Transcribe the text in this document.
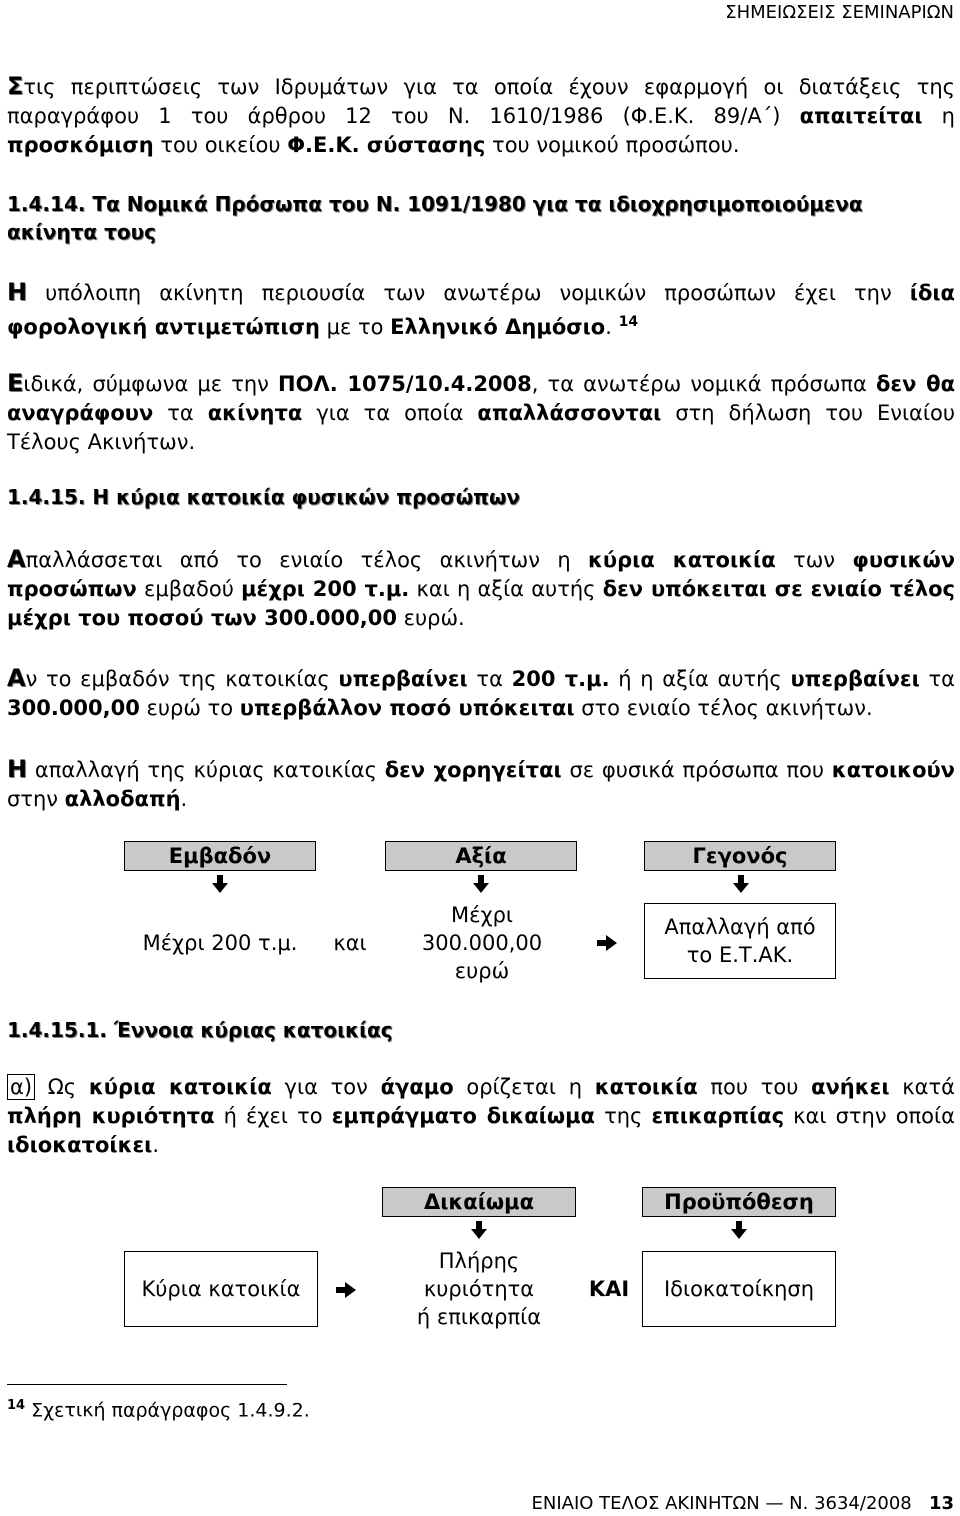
ΣΗΜΕΙΩΣΕΙΣ ΣΕΜΙΝΑΡΙΩΝ

Στις περιπτώσεις των Ιδρυμάτων για τα οποία έχουν εφαρμογή οι διατάξεις της παραγράφου 1 του άρθρου 12 του Ν. 1610/1986 (Φ.Ε.Κ. 89/Α΄) απαιτείται η προσκόμιση του οικείου Φ.Ε.Κ. σύστασης του νομικού προσώπου.

1.4.14. Τα Νομικά Πρόσωπα του Ν. 1091/1980 για τα ιδιοχρησιμοποιούμενα ακίνητα τους

Η υπόλοιπη ακίνητη περιουσία των ανωτέρω νομικών προσώπων έχει την ίδια φορολογική αντιμετώπιση με το Ελληνικό Δημόσιο. $^{14}$

Ειδικά, σύμφωνα με την ΠΟΛ. 1075/10.4.2008, τα ανωτέρω νομικά πρόσωπα δεν θα αναγράφουν τα ακίνητα για τα οποία απαλλάσσονται στη δήλωση του Ενιαίου Τέλους Ακινήτων.

1.4.15. Η κύρια κατοικία φυσικών προσώπων

Απαλλάσσεται από το ενιαίο τέλος ακινήτων η κύρια κατοικία των φυσικών προσώπων εμβαδού μέχρι 200 τ.μ. και η αξία αυτής δεν υπόκειται σε ενιαίο τέλος μέχρι του ποσού των 300.000,00 ευρώ.

Αν το εμβαδόν της κατοικίας υπερβαίνει τα 200 τ.μ. ή η αξία αυτής υπερβαίνει τα 300.000,00 ευρώ το υπερβάλλον ποσό υπόκειται στο ενιαίο τέλος ακινήτων.

Η απαλλαγή της κύριας κατοικίας δεν χορηγείται σε φυσικά πρόσωπα που κατοικούν στην αλλοδαπή.

Εμβαδόν	Αξία	Γεγονός
Μέχρι 200 τ.μ.	και
Μέχρι
300.000,00
ευρώ
Απαλλαγή από
το Ε.Τ.ΑΚ.
1.4.15.1. Έννοια κύριας κατοικίας

α) Ως κύρια κατοικία για τον άγαμο ορίζεται η κατοικία που του ανήκει κατά πλήρη κυριότητα ή έχει το εμπράγματο δικαίωμα της επικαρπίας και στην οποία ιδιοκατοίκει.

Δικαίωμα	Προϋπόθεση
Κύρια κατοικία
Πλήρης
κυριότητα
ή επικαρπία
ΚΑΙ	Ιδιοκατοίκηση
$^{14}$ Σχετική παράγραφος 1.4.9.2.
ΕΝΙΑΙΟ ΤΕΛΟΣ ΑΚΙΝΗΤΩΝ — Ν. 3634/2008 13
